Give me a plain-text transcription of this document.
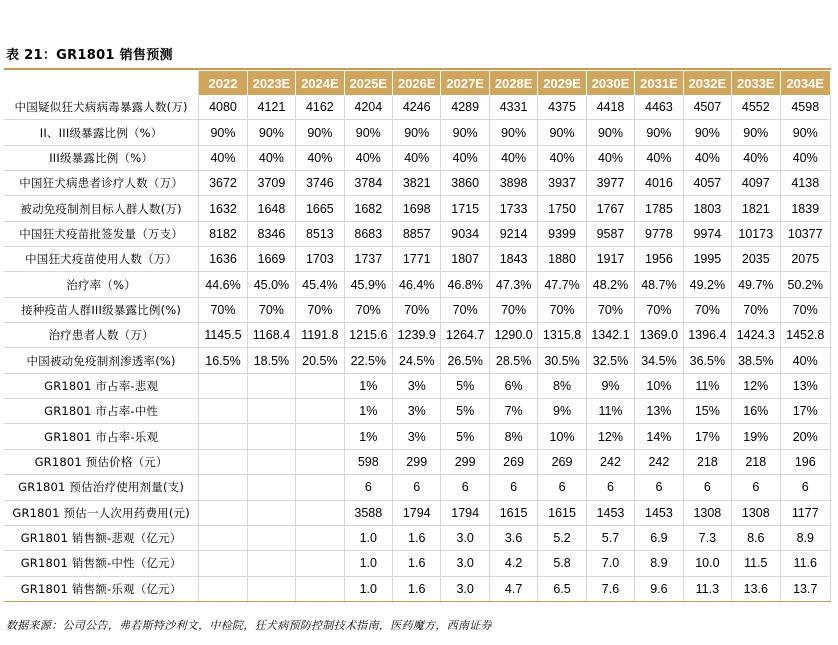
表 21：GR1801 销售预测
	2022	2023E	2024E	2025E	2026E	2027E	2028E	2029E	2030E	2031E	2032E	2033E	2034E
中国疑似狂犬病病毒暴露人数(万)	4080	4121	4162	4204	4246	4289	4331	4375	4418	4463	4507	4552	4598
II、III级暴露比例（%）	90%	90%	90%	90%	90%	90%	90%	90%	90%	90%	90%	90%	90%
III级暴露比例（%）	40%	40%	40%	40%	40%	40%	40%	40%	40%	40%	40%	40%	40%
中国狂犬病患者诊疗人数（万）	3672	3709	3746	3784	3821	3860	3898	3937	3977	4016	4057	4097	4138
被动免疫制剂目标人群人数(万)	1632	1648	1665	1682	1698	1715	1733	1750	1767	1785	1803	1821	1839
中国狂犬疫苗批签发量（万支）	8182	8346	8513	8683	8857	9034	9214	9399	9587	9778	9974	10173	10377
中国狂犬疫苗使用人数（万）	1636	1669	1703	1737	1771	1807	1843	1880	1917	1956	1995	2035	2075
治疗率（%）	44.6%	45.0%	45.4%	45.9%	46.4%	46.8%	47.3%	47.7%	48.2%	48.7%	49.2%	49.7%	50.2%
接种疫苗人群III级暴露比例(%)	70%	70%	70%	70%	70%	70%	70%	70%	70%	70%	70%	70%	70%
治疗患者人数（万）	1145.5	1168.4	1191.8	1215.6	1239.9	1264.7	1290.0	1315.8	1342.1	1369.0	1396.4	1424.3	1452.8
中国被动免疫制剂渗透率(%)	16.5%	18.5%	20.5%	22.5%	24.5%	26.5%	28.5%	30.5%	32.5%	34.5%	36.5%	38.5%	40%
GR1801 市占率-悲观				1%	3%	5%	6%	8%	9%	10%	11%	12%	13%
GR1801 市占率-中性				1%	3%	5%	7%	9%	11%	13%	15%	16%	17%
GR1801 市占率-乐观				1%	3%	5%	8%	10%	12%	14%	17%	19%	20%
GR1801 预估价格（元）				598	299	299	269	269	242	242	218	218	196
GR1801 预估治疗使用剂量(支)				6	6	6	6	6	6	6	6	6	6
GR1801 预估一人次用药费用(元)				3588	1794	1794	1615	1615	1453	1453	1308	1308	1177
GR1801 销售额-悲观（亿元）				1.0	1.6	3.0	3.6	5.2	5.7	6.9	7.3	8.6	8.9
GR1801 销售额-中性（亿元）				1.0	1.6	3.0	4.2	5.8	7.0	8.9	10.0	11.5	11.6
GR1801 销售额-乐观（亿元）				1.0	1.6	3.0	4.7	6.5	7.6	9.6	11.3	13.6	13.7
数据来源：公司公告，弗若斯特沙利文，中检院，狂犬病预防控制技术指南，医药魔方，西南证券
